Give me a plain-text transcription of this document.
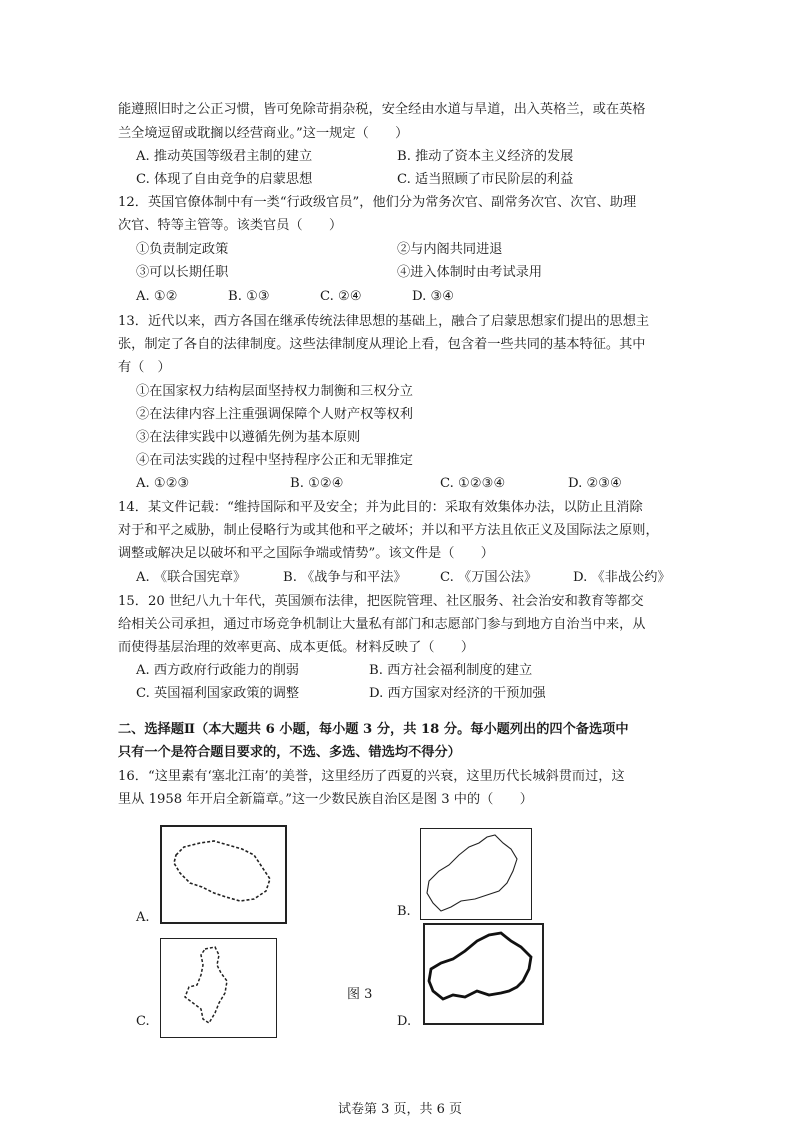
能遵照旧时之公正习惯，皆可免除苛捐杂税，安全经由水道与旱道，出入英格兰，或在英格
兰全境逗留或耽搁以经营商业。”这一规定（　　）
A. 推动英国等级君主制的建立	B. 推动了资本主义经济的发展
C. 体现了自由竞争的启蒙思想	C. 适当照顾了市民阶层的利益
12．英国官僚体制中有一类“行政级官员”，他们分为常务次官、副常务次官、次官、助理
次官、特等主管等。该类官员（　　）
①负责制定政策	②与内阁共同进退
③可以长期任职	④进入体制时由考试录用
A. ①②	B. ①③	C. ②④	D. ③④
13．近代以来，西方各国在继承传统法律思想的基础上，融合了启蒙思想家们提出的思想主
张，制定了各自的法律制度。这些法律制度从理论上看，包含着一些共同的基本特征。其中
有（　）
①在国家权力结构层面坚持权力制衡和三权分立
②在法律内容上注重强调保障个人财产权等权利
③在法律实践中以遵循先例为基本原则
④在司法实践的过程中坚持程序公正和无罪推定
A. ①②③	B. ①②④	C. ①②③④	D. ②③④
14．某文件记载：“维持国际和平及安全；并为此目的：采取有效集体办法，以防止且消除
对于和平之威胁，制止侵略行为或其他和平之破坏；并以和平方法且依正义及国际法之原则，
调整或解决足以破坏和平之国际争端或情势”。该文件是（　　）
A. 《联合国宪章》	B. 《战争与和平法》	C. 《万国公法》	D. 《非战公约》
15．20 世纪八九十年代，英国颁布法律，把医院管理、社区服务、社会治安和教育等都交
给相关公司承担，通过市场竞争机制让大量私有部门和志愿部门参与到地方自治当中来，从
而使得基层治理的效率更高、成本更低。材料反映了（　　）
A. 西方政府行政能力的削弱	B. 西方社会福利制度的建立
C. 英国福利国家政策的调整	D. 西方国家对经济的干预加强
二、选择题Ⅱ（本大题共 6 小题，每小题 3 分，共 18 分。每小题列出的四个备选项中
只有一个是符合题目要求的，不选、多选、错选均不得分）
16．“这里素有‘塞北江南’的美誉，这里经历了西夏的兴衰，这里历代长城斜贯而过，这
里从 1958 年开启全新篇章。”这一少数民族自治区是图 3 中的（　　）
A.	B.
C.	D.
图 3
试卷第 3 页，共 6 页
